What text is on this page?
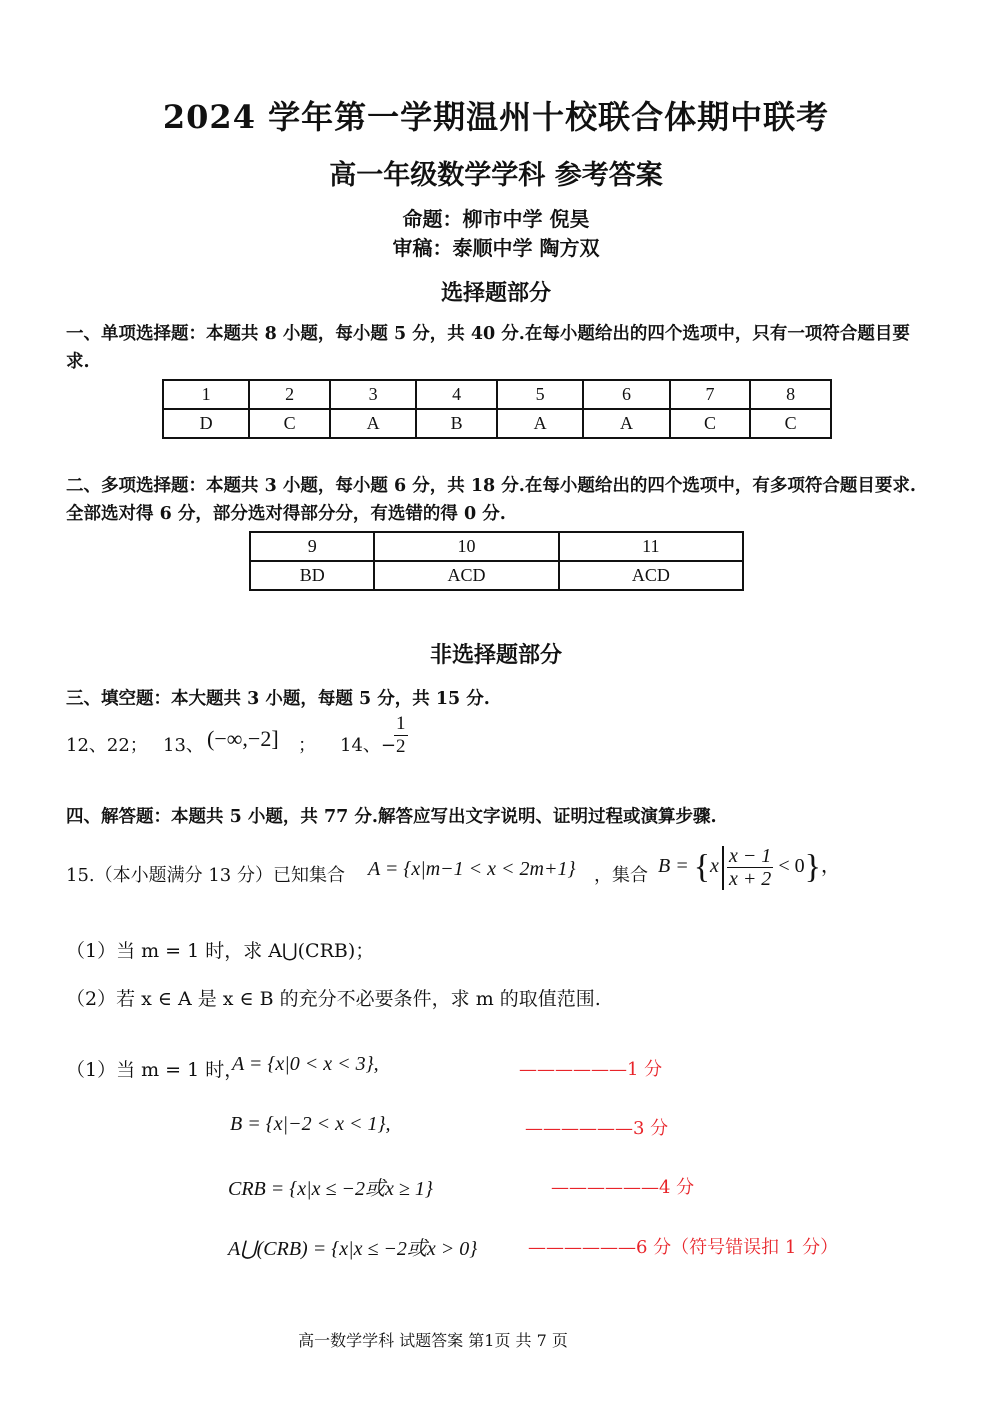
2024 学年第一学期温州十校联合体期中联考
高一年级数学学科 参考答案
命题：柳市中学 倪昊
审稿：泰顺中学 陶方双
选择题部分
一、单项选择题：本题共 8 小题，每小题 5 分，共 40 分.在每小题给出的四个选项中，只有一项符合题目要求.
1	2	3	4	5	6	7	8
D	C	A	B	A	A	C	C
二、多项选择题：本题共 3 小题，每小题 6 分，共 18 分.在每小题给出的四个选项中，有多项符合题目要求.全部选对得 6 分，部分选对得部分分，有选错的得 0 分.
9	10	11
BD	ACD	ACD
非选择题部分
三、填空题：本大题共 3 小题，每题 5 分，共 15 分.
12、22； 13、 (−∞,−2] ； 14、−
$\frac{1}{2}$
四、解答题：本题共 5 小题，共 77 分.解答应写出文字说明、证明过程或演算步骤.
15.（本小题满分 13 分）已知集合 A = {x|m−1 < x < 2m+1} ，集合 $B = \{x \frac{x - 1}{x + 2} < 0\}$，
（1）当 m = 1 时，求 A⋃(CRB)；
（2）若 x ∈ A 是 x ∈ B 的充分不必要条件，求 m 的取值范围.
（1）当 m = 1 时，
A = {x|0 < x < 3},	——————1 分
B = {x|−2 < x < 1},	——————3 分
CRB = {x|x ≤ −2或x ≥ 1}	——————4 分
A⋃(CRB) = {x|x ≤ −2或x > 0}	——————6 分（符号错误扣 1 分）
高一数学学科 试题答案 第1页 共 7 页
